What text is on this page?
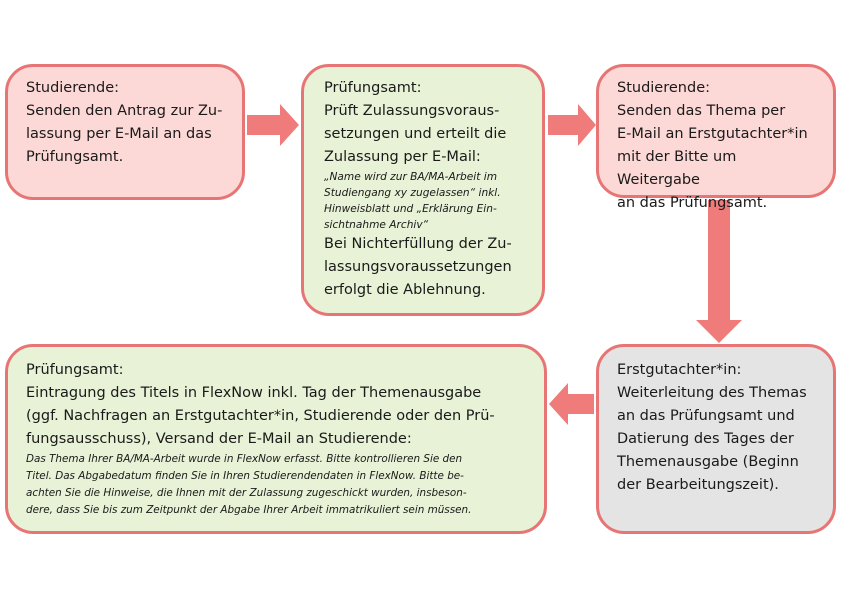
Studierende:
Senden den Antrag zur Zu-
lassung per E-Mail an das
Prüfungsamt.
Prüfungsamt:
Prüft Zulassungsvoraus-
setzungen und erteilt die
Zulassung per E-Mail:
„Name wird zur BA/MA-Arbeit im
Studiengang xy zugelassen“ inkl.
Hinweisblatt und „Erklärung Ein-
sichtnahme Archiv“
Bei Nichterfüllung der Zu-
lassungsvoraussetzungen
erfolgt die Ablehnung.
Studierende:
Senden das Thema per
E-Mail an Erstgutachter*in
mit der Bitte um Weitergabe
an das Prüfungsamt.
Erstgutachter*in:
Weiterleitung des Themas
an das Prüfungsamt und
Datierung des Tages der
Themenausgabe (Beginn
der Bearbeitungszeit).
Prüfungsamt:
Eintragung des Titels in FlexNow inkl. Tag der Themenausgabe
(ggf. Nachfragen an Erstgutachter*in, Studierende oder den Prü-
fungsausschuss), Versand der E-Mail an Studierende:
Das Thema Ihrer BA/MA-Arbeit wurde in FlexNow erfasst. Bitte kontrollieren Sie den
Titel. Das Abgabedatum finden Sie in Ihren Studierendendaten in FlexNow. Bitte be-
achten Sie die Hinweise, die Ihnen mit der Zulassung zugeschickt wurden, insbeson-
dere, dass Sie bis zum Zeitpunkt der Abgabe Ihrer Arbeit immatrikuliert sein müssen.
